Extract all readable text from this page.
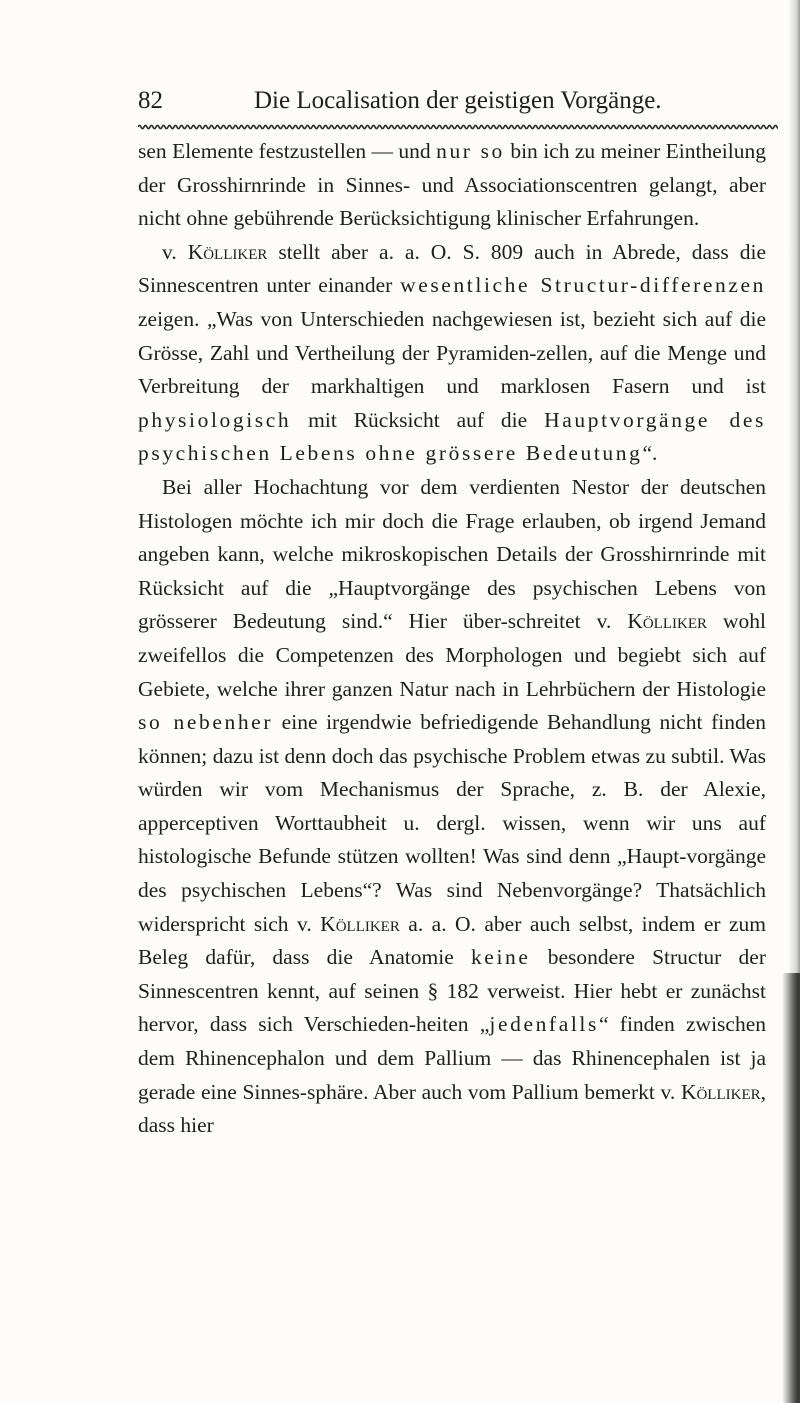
82	Die Localisation der geistigen Vorgänge.

sen Elemente festzustellen — und nur so bin ich zu meiner Eintheilung der Grosshirnrinde in Sinnes- und Associationscentren gelangt, aber nicht ohne gebührende Berücksichtigung klinischer Erfahrungen.

v. Kölliker stellt aber a. a. O. S. 809 auch in Abrede, dass die Sinnescentren unter einander wesentliche Structur-differenzen zeigen. „Was von Unterschieden nachgewiesen ist, bezieht sich auf die Grösse, Zahl und Vertheilung der Pyramiden-zellen, auf die Menge und Verbreitung der markhaltigen und marklosen Fasern und ist physiologisch mit Rücksicht auf die Hauptvorgänge des psychischen Lebens ohne grössere Bedeutung“.

Bei aller Hochachtung vor dem verdienten Nestor der deutschen Histologen möchte ich mir doch die Frage erlauben, ob irgend Jemand angeben kann, welche mikroskopischen Details der Grosshirnrinde mit Rücksicht auf die „Hauptvorgänge des psychischen Lebens von grösserer Bedeutung sind.“ Hier über-schreitet v. Kölliker wohl zweifellos die Competenzen des Morphologen und begiebt sich auf Gebiete, welche ihrer ganzen Natur nach in Lehrbüchern der Histologie so nebenher eine irgendwie befriedigende Behandlung nicht finden können; dazu ist denn doch das psychische Problem etwas zu subtil. Was würden wir vom Mechanismus der Sprache, z. B. der Alexie, apperceptiven Worttaubheit u. dergl. wissen, wenn wir uns auf histologische Befunde stützen wollten! Was sind denn „Haupt-vorgänge des psychischen Lebens“? Was sind Nebenvorgänge? Thatsächlich widerspricht sich v. Kölliker a. a. O. aber auch selbst, indem er zum Beleg dafür, dass die Anatomie keine besondere Structur der Sinnescentren kennt, auf seinen § 182 verweist. Hier hebt er zunächst hervor, dass sich Verschieden-heiten „jedenfalls“ finden zwischen dem Rhinencephalon und dem Pallium — das Rhinencephalen ist ja gerade eine Sinnes-sphäre. Aber auch vom Pallium bemerkt v. Kölliker, dass hier
